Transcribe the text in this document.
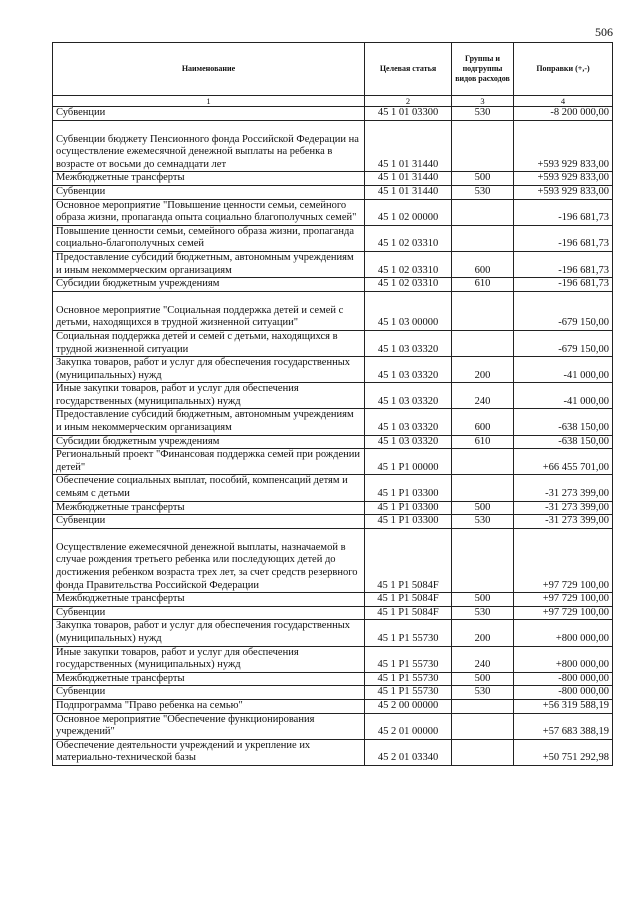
506
Наименование	Целевая статья	Группы и подгруппы видов расходов	Поправки (+,-)
1	2	3	4
Субвенции	45 1 01 03300	530	-8 200 000,00
Субвенции бюджету Пенсионного фонда Российской Федерации на осуществление ежемесячной денежной выплаты на ребенка в возрасте от восьми до семнадцати лет	45 1 01 31440		+593 929 833,00
Межбюджетные трансферты	45 1 01 31440	500	+593 929 833,00
Субвенции	45 1 01 31440	530	+593 929 833,00
Основное мероприятие "Повышение ценности семьи, семейного образа жизни, пропаганда опыта социально благополучных семей"	45 1 02 00000		-196 681,73
Повышение ценности семьи, семейного образа жизни, пропаганда социально-благополучных семей	45 1 02 03310		-196 681,73
Предоставление субсидий бюджетным, автономным учреждениям и иным некоммерческим организациям	45 1 02 03310	600	-196 681,73
Субсидии бюджетным учреждениям	45 1 02 03310	610	-196 681,73
Основное мероприятие "Социальная поддержка детей и семей с детьми, находящихся в трудной жизненной ситуации"	45 1 03 00000		-679 150,00
Социальная поддержка детей и семей с детьми, находящихся в трудной жизненной ситуации	45 1 03 03320		-679 150,00
Закупка товаров, работ и услуг для обеспечения государственных (муниципальных) нужд	45 1 03 03320	200	-41 000,00
Иные закупки товаров, работ и услуг для обеспечения государственных (муниципальных) нужд	45 1 03 03320	240	-41 000,00
Предоставление субсидий бюджетным, автономным учреждениям и иным некоммерческим организациям	45 1 03 03320	600	-638 150,00
Субсидии бюджетным учреждениям	45 1 03 03320	610	-638 150,00
Региональный проект "Финансовая поддержка семей при рождении детей"	45 1 P1 00000		+66 455 701,00
Обеспечение социальных выплат, пособий, компенсаций детям и семьям с детьми	45 1 P1 03300		-31 273 399,00
Межбюджетные трансферты	45 1 P1 03300	500	-31 273 399,00
Субвенции	45 1 P1 03300	530	-31 273 399,00
Осуществление ежемесячной денежной выплаты, назначаемой в случае рождения третьего ребенка или последующих детей до достижения ребенком возраста трех лет, за счет средств резервного фонда Правительства Российской Федерации	45 1 P1 5084F		+97 729 100,00
Межбюджетные трансферты	45 1 P1 5084F	500	+97 729 100,00
Субвенции	45 1 P1 5084F	530	+97 729 100,00
Закупка товаров, работ и услуг для обеспечения государственных (муниципальных) нужд	45 1 P1 55730	200	+800 000,00
Иные закупки товаров, работ и услуг для обеспечения государственных (муниципальных) нужд	45 1 P1 55730	240	+800 000,00
Межбюджетные трансферты	45 1 P1 55730	500	-800 000,00
Субвенции	45 1 P1 55730	530	-800 000,00
Подпрограмма "Право ребенка на семью"	45 2 00 00000		+56 319 588,19
Основное мероприятие "Обеспечение функционирования учреждений"	45 2 01 00000		+57 683 388,19
Обеспечение деятельности учреждений и укрепление их материально-технической базы	45 2 01 03340		+50 751 292,98
